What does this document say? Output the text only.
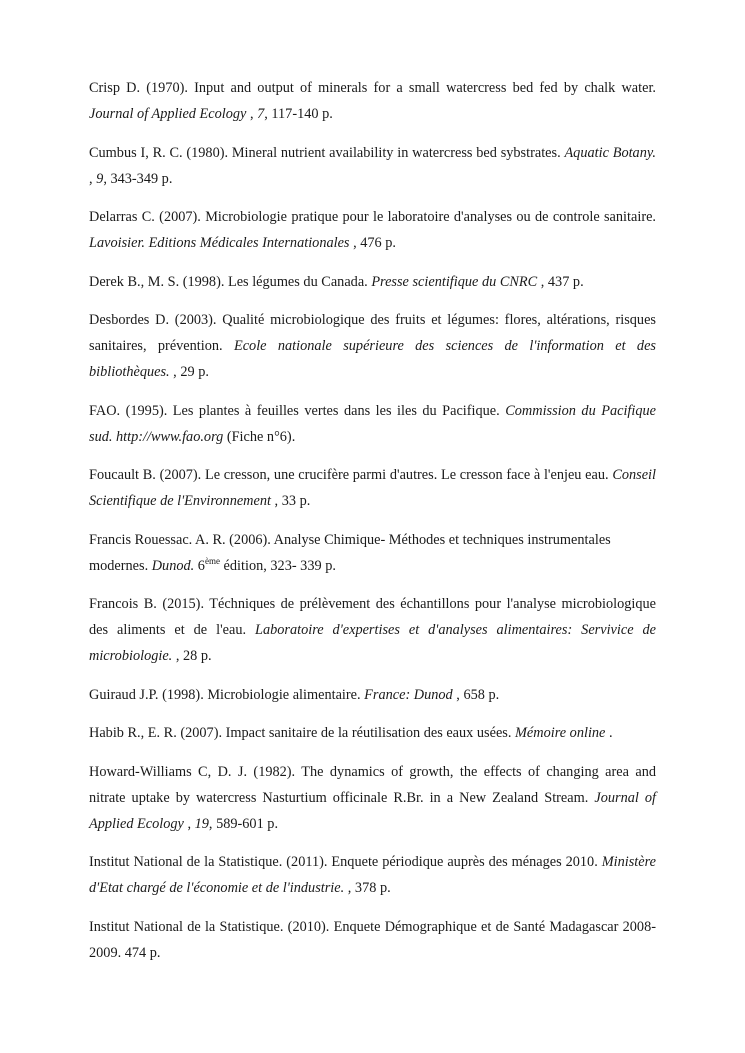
Crisp D. (1970). Input and output of minerals for a small watercress bed fed by chalk water. Journal of Applied Ecology , 7, 117-140 p.

Cumbus I, R. C. (1980). Mineral nutrient availability in watercress bed sybstrates. Aquatic Botany. , 9, 343-349 p.

Delarras C. (2007). Microbiologie pratique pour le laboratoire d'analyses ou de controle sanitaire. Lavoisier. Editions Médicales Internationales , 476 p.

Derek B., M. S. (1998). Les légumes du Canada. Presse scientifique du CNRC , 437 p.

Desbordes D. (2003). Qualité microbiologique des fruits et légumes: flores, altérations, risques sanitaires, prévention. Ecole nationale supérieure des sciences de l'information et des bibliothèques. , 29 p.

FAO. (1995). Les plantes à feuilles vertes dans les iles du Pacifique. Commission du Pacifique sud. http://www.fao.org (Fiche n°6).

Foucault B. (2007). Le cresson, une crucifère parmi d'autres. Le cresson face à l'enjeu eau. Conseil Scientifique de l'Environnement , 33 p.

Francis Rouessac. A. R. (2006). Analyse Chimique- Méthodes et techniques instrumentales modernes. Dunod. 6ème édition, 323- 339 p.

Francois B. (2015). Téchniques de prélèvement des échantillons pour l'analyse microbiologique des aliments et de l'eau. Laboratoire d'expertises et d'analyses alimentaires: Servivice de microbiologie. , 28 p.

Guiraud J.P. (1998). Microbiologie alimentaire. France: Dunod , 658 p.

Habib R., E. R. (2007). Impact sanitaire de la réutilisation des eaux usées. Mémoire online .

Howard-Williams C, D. J. (1982). The dynamics of growth, the effects of changing area and nitrate uptake by watercress Nasturtium officinale R.Br. in a New Zealand Stream. Journal of Applied Ecology , 19, 589-601 p.

Institut National de la Statistique. (2011). Enquete périodique auprès des ménages 2010. Ministère d'Etat chargé de l'économie et de l'industrie. , 378 p.

Institut National de la Statistique. (2010). Enquete Démographique et de Santé Madagascar 2008-2009. 474 p.
